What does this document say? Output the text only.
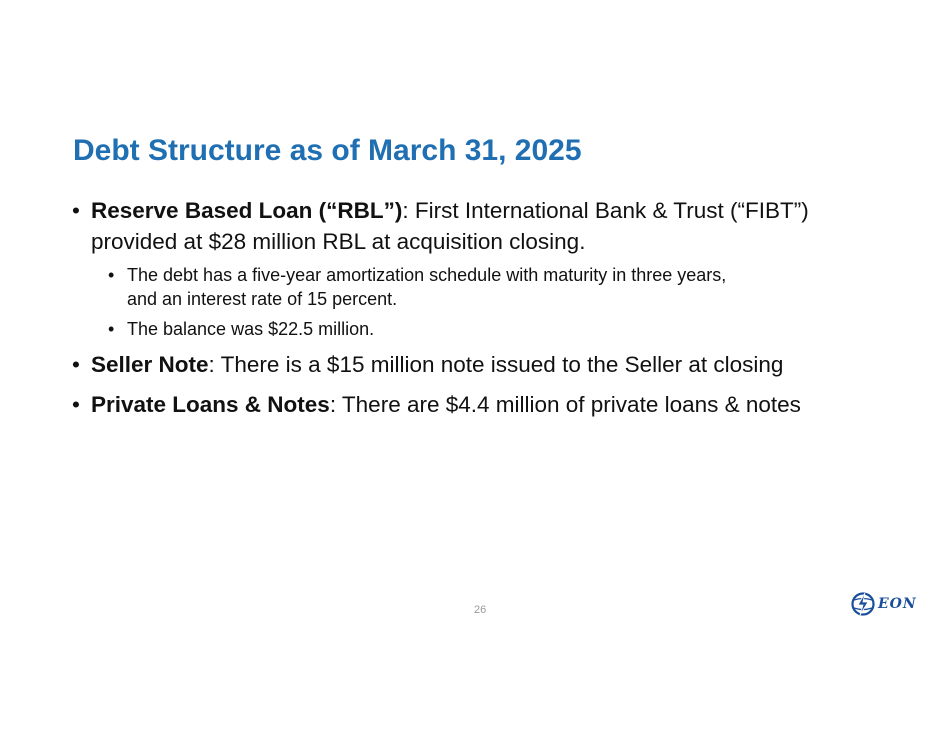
Debt Structure as of March 31, 2025
• Reserve Based Loan (“RBL”): First International Bank & Trust (“FIBT”)
provided at $28 million RBL at acquisition closing.
• The debt has a five-year amortization schedule with maturity in three years,
and an interest rate of 15 percent.
• The balance was $22.5 million.
• Seller Note: There is a $15 million note issued to the Seller at closing
• Private Loans & Notes: There are $4.4 million of private loans & notes
26	EON
